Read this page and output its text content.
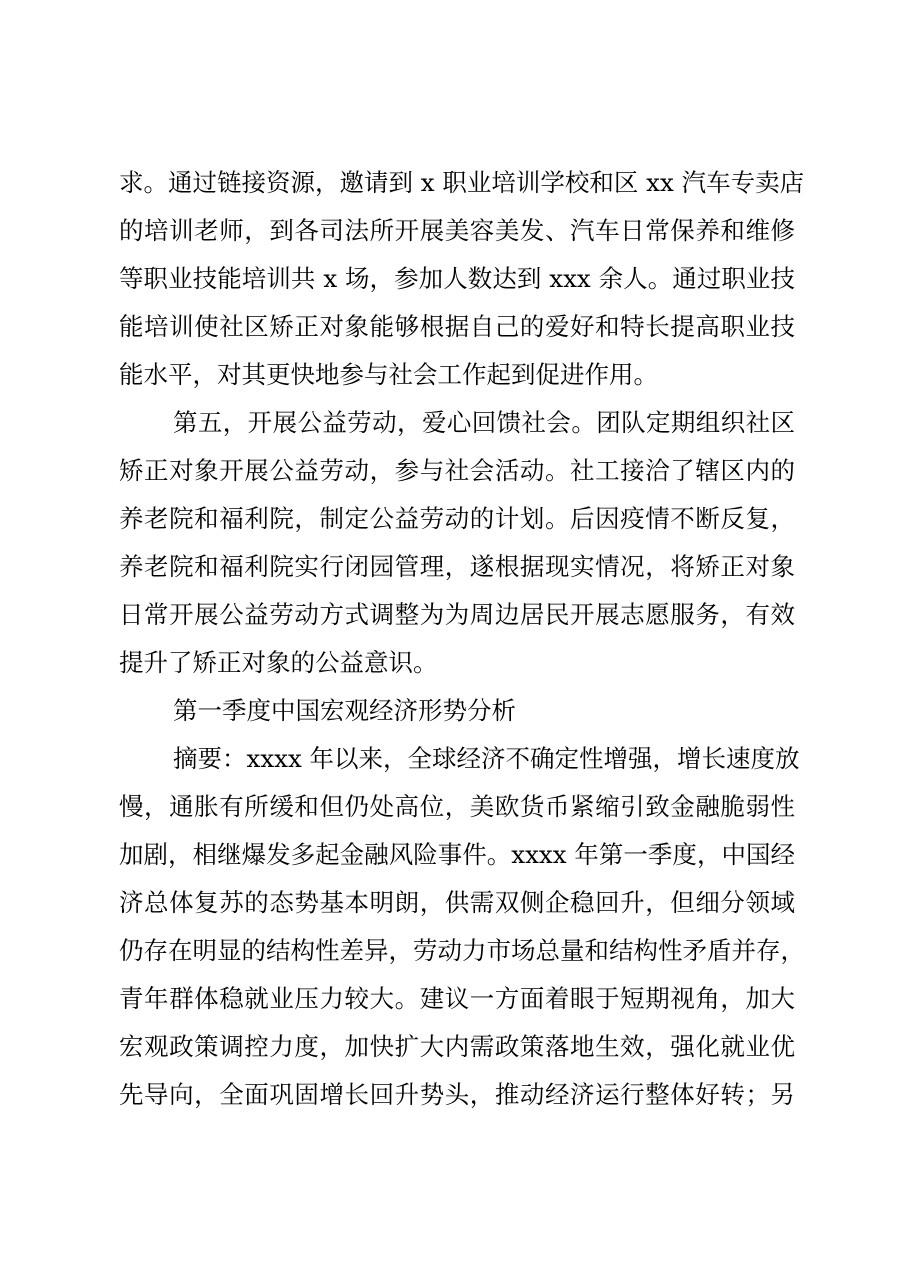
求。通过链接资源，邀请到 x 职业培训学校和区 xx 汽车专卖店
的培训老师，到各司法所开展美容美发、汽车日常保养和维修
等职业技能培训共 x 场，参加人数达到 xxx 余人。通过职业技
能培训使社区矫正对象能够根据自己的爱好和特长提高职业技
能水平，对其更快地参与社会工作起到促进作用。
第五，开展公益劳动，爱心回馈社会。团队定期组织社区
矫正对象开展公益劳动，参与社会活动。社工接洽了辖区内的
养老院和福利院，制定公益劳动的计划。后因疫情不断反复，
养老院和福利院实行闭园管理，遂根据现实情况，将矫正对象
日常开展公益劳动方式调整为为周边居民开展志愿服务，有效
提升了矫正对象的公益意识。
第一季度中国宏观经济形势分析
摘要：xxxx 年以来，全球经济不确定性增强，增长速度放
慢，通胀有所缓和但仍处高位，美欧货币紧缩引致金融脆弱性
加剧，相继爆发多起金融风险事件。xxxx 年第一季度，中国经
济总体复苏的态势基本明朗，供需双侧企稳回升，但细分领域
仍存在明显的结构性差异，劳动力市场总量和结构性矛盾并存，
青年群体稳就业压力较大。建议一方面着眼于短期视角，加大
宏观政策调控力度，加快扩大内需政策落地生效，强化就业优
先导向，全面巩固增长回升势头，推动经济运行整体好转；另
